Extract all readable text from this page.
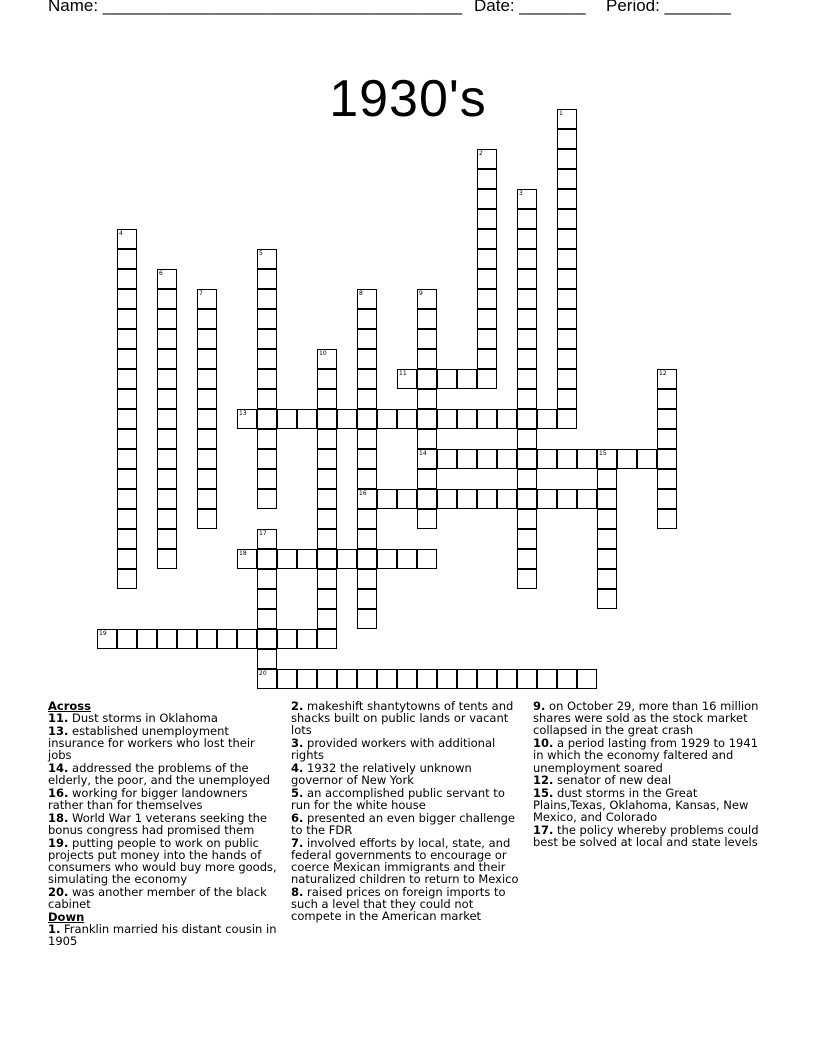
Name: ______________________________________ Date: _______ Period: _______
1930's	1
2
3
4
5
6
7	8
16
9
14
10
11	12
13
15
17
20
18
19
Across
11. Dust storms in Oklahoma
13. established unemployment insurance for workers who lost their jobs
14. addressed the problems of the elderly, the poor, and the unemployed
16. working for bigger landowners rather than for themselves
18. World War 1 veterans seeking the bonus congress had promised them
19. putting people to work on public projects put money into the hands of consumers who would buy more goods, simulating the economy
20. was another member of the black cabinet
Down
1. Franklin married his distant cousin in 1905
2. makeshift shantytowns of tents and shacks built on public lands or vacant lots
3. provided workers with additional rights
4. 1932 the relatively unknown governor of New York
5. an accomplished public servant to run for the white house
6. presented an even bigger challenge to the FDR
7. involved efforts by local, state, and federal governments to encourage or coerce Mexican immigrants and their naturalized children to return to Mexico
8. raised prices on foreign imports to such a level that they could not compete in the American market
9. on October 29, more than 16 million shares were sold as the stock market collapsed in the great crash
10. a period lasting from 1929 to 1941 in which the economy faltered and unemployment soared
12. senator of new deal
15. dust storms in the Great Plains,Texas, Oklahoma, Kansas, New Mexico, and Colorado
17. the policy whereby problems could best be solved at local and state levels
